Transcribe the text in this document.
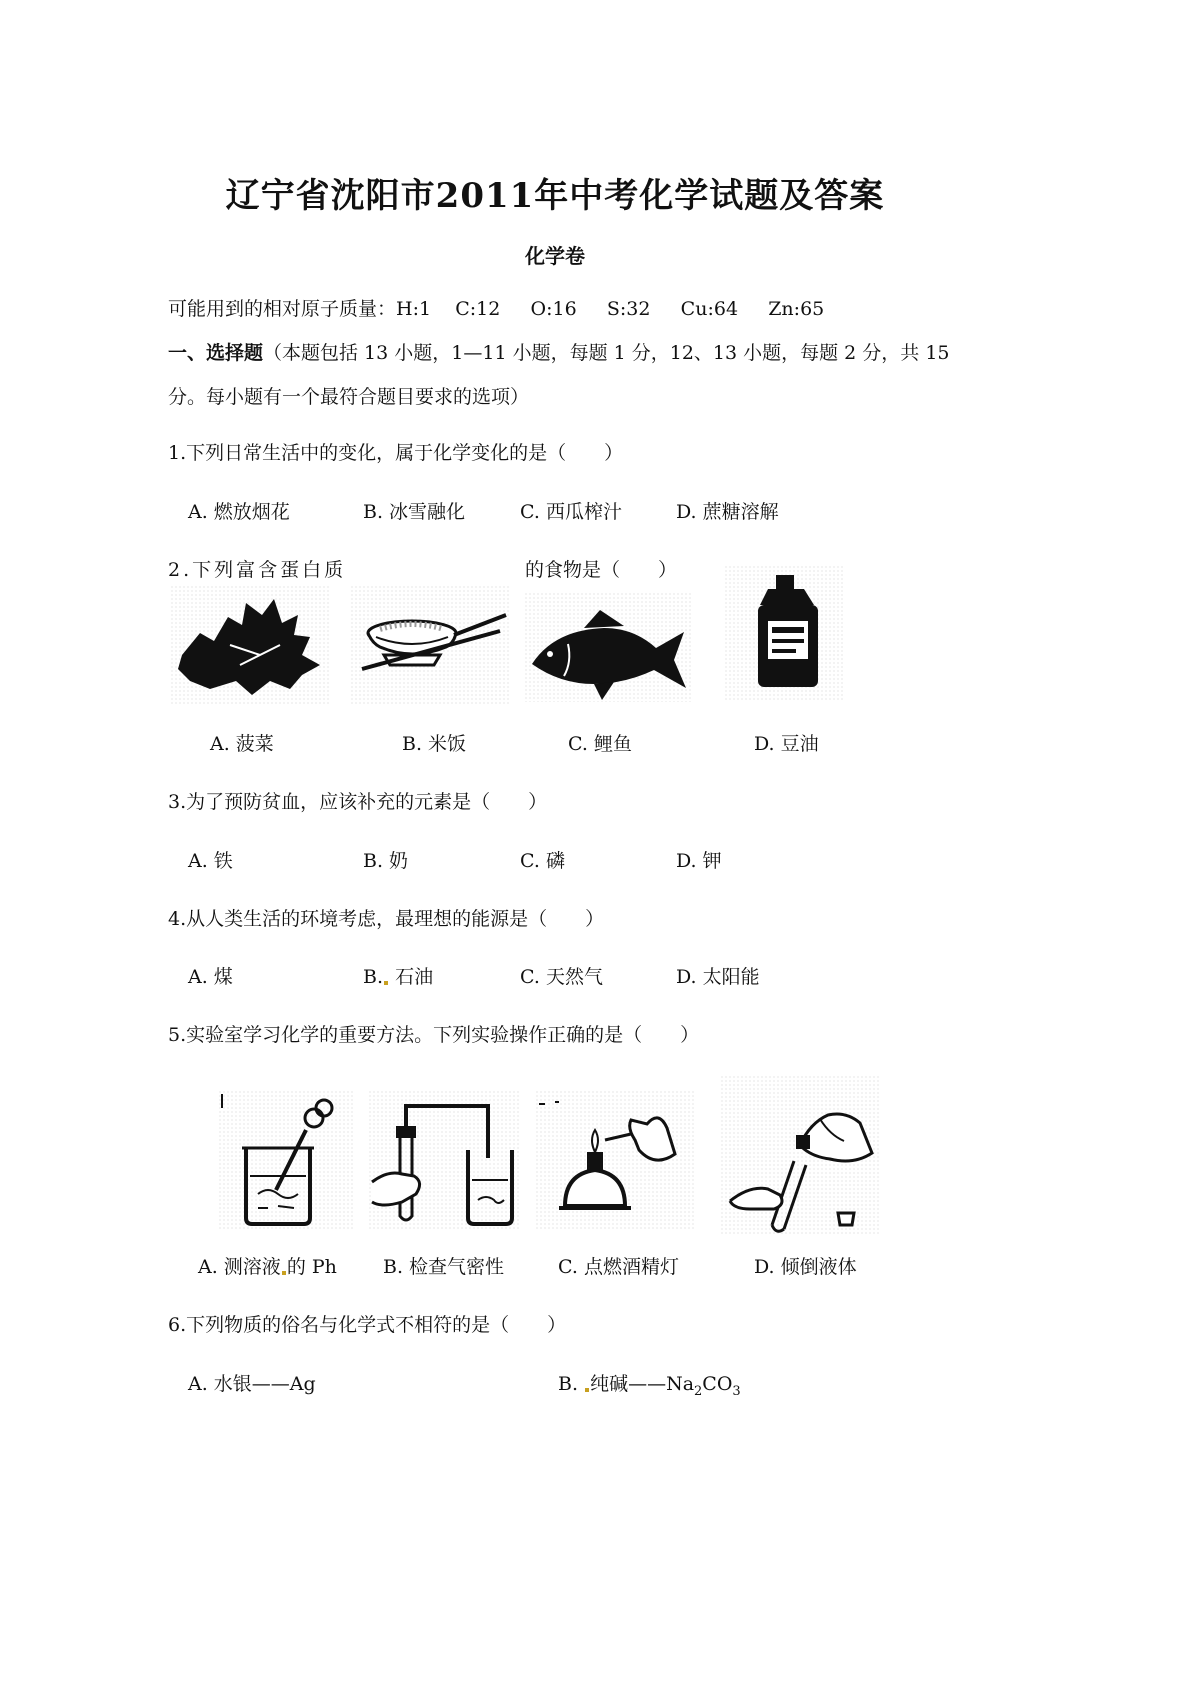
辽宁省沈阳市2011年中考化学试题及答案
化学卷
可能用到的相对原子质量：H:1    C:12     O:16     S:32     Cu:64     Zn:65
一、选择题（本题包括 13 小题，1—11 小题，每题 1 分，12、13 小题，每题 2 分，共 15
分。每小题有一个最符合题目要求的选项）
1.下列日常生活中的变化，属于化学变化的是（　　）
A. 燃放烟花	B. 冰雪融化	C. 西瓜榨汁	D. 蔗糖溶解
2.下列富含蛋白质	的食物是（　　）
A. 菠菜	B. 米饭	C. 鲤鱼	D. 豆油
3.为了预防贫血，应该补充的元素是（　　）
A. 铁	B. 奶	C. 磷	D. 钾
4.从人类生活的环境考虑，最理想的能源是（　　）
A. 煤	B. 石油	C. 天然气	D. 太阳能
5.实验室学习化学的重要方法。下列实验操作正确的是（　　）
A. 测溶液 的 Ph B. 检查气密性	C. 点燃酒精灯	D. 倾倒液体
6.下列物质的俗名与化学式不相符的是（　　）
A. 水银——Ag	B. 纯碱$——Na_2CO_3$
